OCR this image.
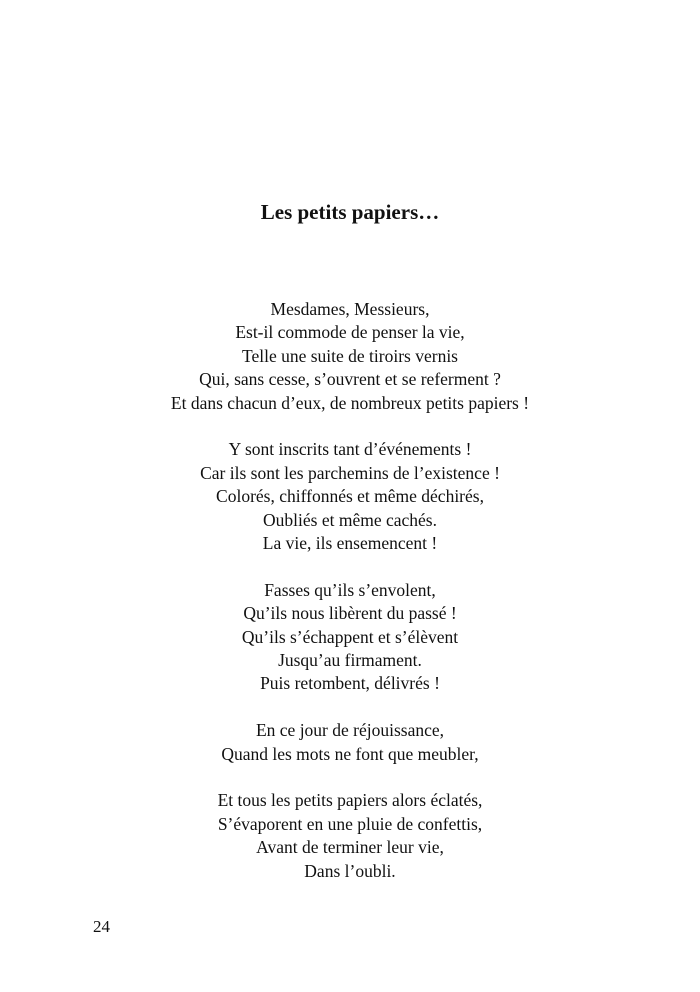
Les petits papiers…

Mesdames, Messieurs,
Est-il commode de penser la vie,
Telle une suite de tiroirs vernis
Qui, sans cesse, s’ouvrent et se referment ?
Et dans chacun d’eux, de nombreux petits papiers !

Y sont inscrits tant d’événements !
Car ils sont les parchemins de l’existence !
Colorés, chiffonnés et même déchirés,
Oubliés et même cachés.
La vie, ils ensemencent !

Fasses qu’ils s’envolent,
Qu’ils nous libèrent du passé !
Qu’ils s’échappent et s’élèvent
Jusqu’au firmament.
Puis retombent, délivrés !

En ce jour de réjouissance,
Quand les mots ne font que meubler,

Et tous les petits papiers alors éclatés,
S’évaporent en une pluie de confettis,
Avant de terminer leur vie,
Dans l’oubli.

24
